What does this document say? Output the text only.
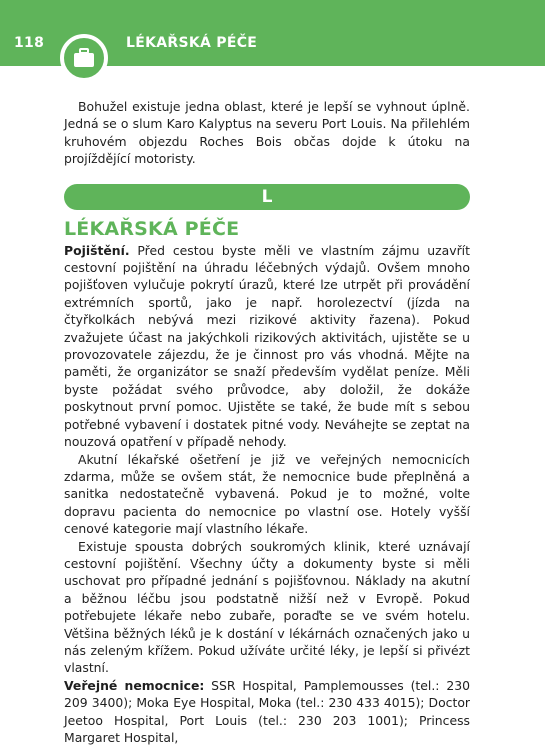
118	LÉKAŘSKÁ PÉČE

Bohužel existuje jedna oblast, které je lepší se vyhnout úplně. Jedná se o slum Karo Kalyptus na severu Port Louis. Na přilehlém kruhovém objezdu Roches Bois občas dojde k útoku na projíždějící motoristy.

L
LÉKAŘSKÁ PÉČE

Pojištění. Před cestou byste měli ve vlastním zájmu uzavřít cestovní pojištění na úhradu léčebných výdajů. Ovšem mnoho pojišťoven vylučuje pokrytí úrazů, které lze utrpět při provádění extrémních sportů, jako je např. horolezectví (jízda na čtyřkolkách nebývá mezi rizikové aktivity řazena). Pokud zvažujete účast na jakýchkoli rizikových aktivitách, ujistěte se u provozovatele zájezdu, že je činnost pro vás vhodná. Mějte na paměti, že organizátor se snaží především vydělat peníze. Měli byste požádat svého průvodce, aby doložil, že dokáže poskytnout první pomoc. Ujistěte se také, že bude mít s sebou potřebné vybavení i dostatek pitné vody. Neváhejte se zeptat na nouzová opatření v případě nehody.

Akutní lékařské ošetření je již ve veřejných nemocnicích zdarma, může se ovšem stát, že nemocnice bude přeplněná a sanitka nedostatečně vybavená. Pokud je to možné, volte dopravu pacienta do nemocnice po vlastní ose. Hotely vyšší cenové kategorie mají vlastního lékaře.

Existuje spousta dobrých soukromých klinik, které uznávají cestovní pojištění. Všechny účty a dokumenty byste si měli uschovat pro případné jednání s pojišťovnou. Náklady na akutní a běžnou léčbu jsou podstatně nižší než v Evropě. Pokud potřebujete lékaře nebo zubaře, poraďte se ve svém hotelu. Většina běžných léků je k dostání v lékárnách označených jako u nás zeleným křížem. Pokud užíváte určité léky, je lepší si přivézt vlastní.

Veřejné nemocnice: SSR Hospital, Pamplemousses (tel.: 230 209 3400); Moka Eye Hospital, Moka (tel.: 230 433 4015); Doctor Jeetoo Hospital, Port Louis (tel.: 230 203 1001); Princess Margaret Hospital,
